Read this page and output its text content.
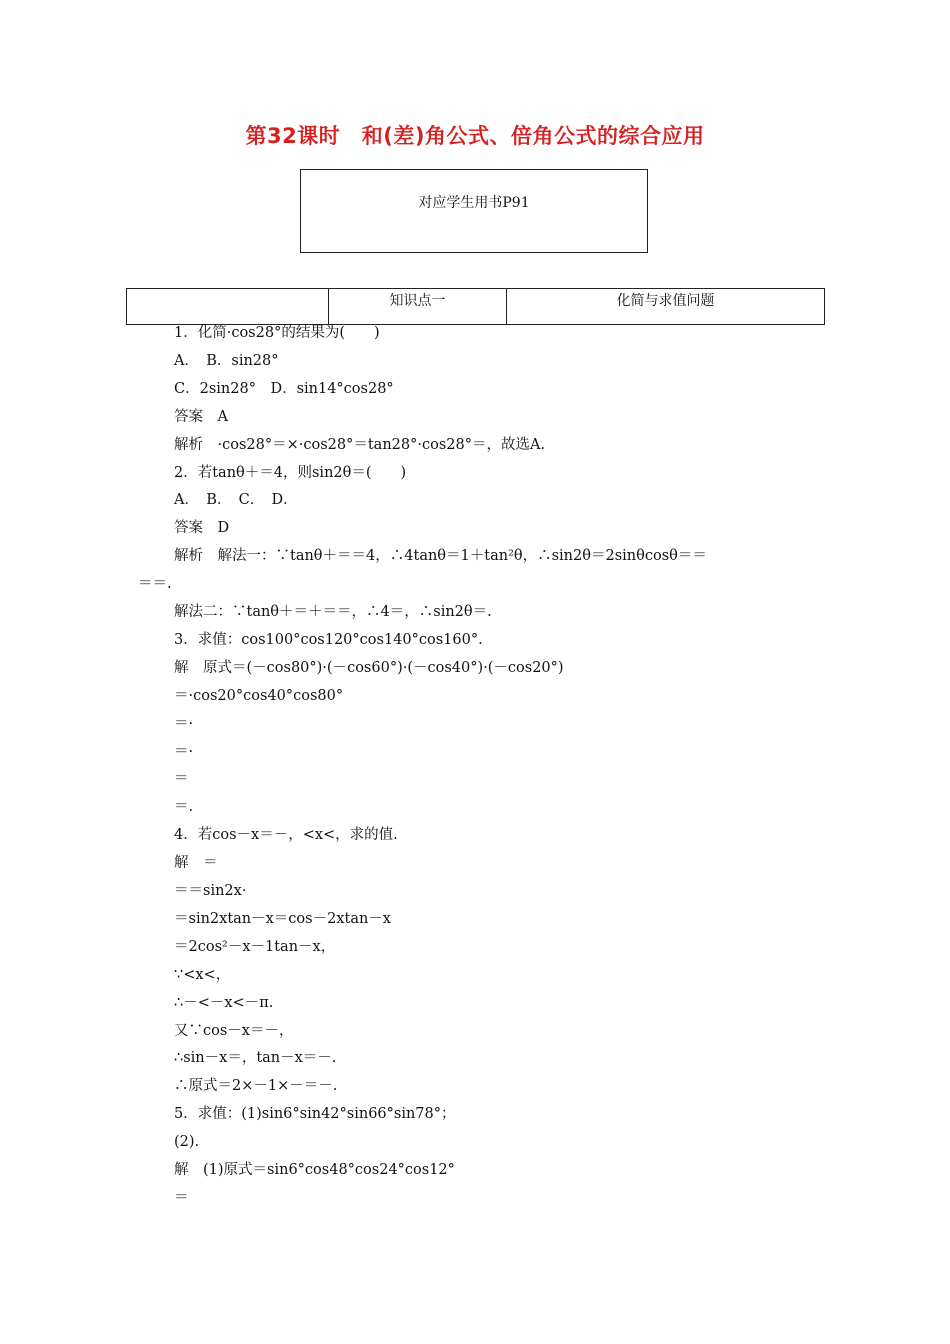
第32课时　和(差)角公式、倍角公式的综合应用
对应学生用书P91
	知识点一	化简与求值问题
1．化简·cos28°的结果为(　　)
A．　B．sin28°
C．2sin28°　D．sin14°cos28°
答案　A
解析　·cos28°＝×·cos28°＝tan28°·cos28°＝，故选A.
2．若tanθ＋＝4，则sin2θ＝(　　)
A．　B．　C．　D．
答案　D
解析　解法一：∵tanθ＋＝＝4，∴4tanθ＝1＋tan²θ，∴sin2θ＝2sinθcosθ＝＝
＝＝.
解法二：∵tanθ＋＝＋＝＝，∴4＝，∴sin2θ＝.
3．求值：cos100°cos120°cos140°cos160°.
解　原式＝(－cos80°)·(－cos60°)·(－cos40°)·(－cos20°)
＝·cos20°cos40°cos80°
＝·
＝·
＝
＝.
4．若cos－x＝－，<x<，求的值.
解　＝
＝＝sin2x·
＝sin2xtan－x＝cos－2xtan－x
＝2cos²－x－1tan－x，
∵<x<，
∴－<－x<－π.
又∵cos－x＝－，
∴sin－x＝，tan－x＝－.
∴原式＝2×－1×－＝－.
5．求值：(1)sin6°sin42°sin66°sin78°；
(2).
解　(1)原式＝sin6°cos48°cos24°cos12°
＝
